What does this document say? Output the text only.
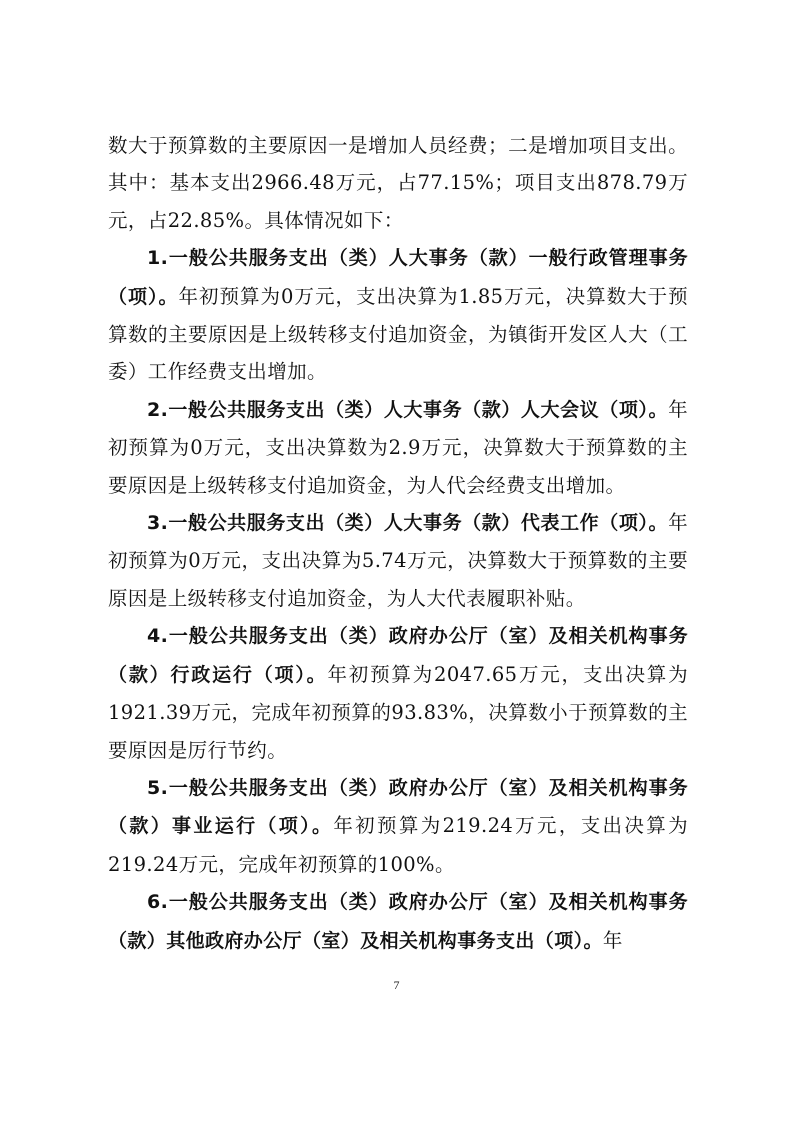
数大于预算数的主要原因一是增加人员经费；二是增加项目支出。其中：基本支出2966.48万元，占77.15%；项目支出878.79万元，占22.85%。具体情况如下：

1.一般公共服务支出（类）人大事务（款）一般行政管理事务（项）。年初预算为0万元，支出决算为1.85万元，决算数大于预算数的主要原因是上级转移支付追加资金，为镇街开发区人大（工委）工作经费支出增加。

2.一般公共服务支出（类）人大事务（款）人大会议（项）。年初预算为0万元，支出决算数为2.9万元，决算数大于预算数的主要原因是上级转移支付追加资金，为人代会经费支出增加。

3.一般公共服务支出（类）人大事务（款）代表工作（项）。年初预算为0万元，支出决算为5.74万元，决算数大于预算数的主要原因是上级转移支付追加资金，为人大代表履职补贴。

4.一般公共服务支出（类）政府办公厅（室）及相关机构事务（款）行政运行（项）。年初预算为2047.65万元，支出决算为1921.39万元，完成年初预算的93.83%，决算数小于预算数的主要原因是厉行节约。

5.一般公共服务支出（类）政府办公厅（室）及相关机构事务（款）事业运行（项）。年初预算为219.24万元，支出决算为219.24万元，完成年初预算的100%。

6.一般公共服务支出（类）政府办公厅（室）及相关机构事务（款）其他政府办公厅（室）及相关机构事务支出（项）。年

7
